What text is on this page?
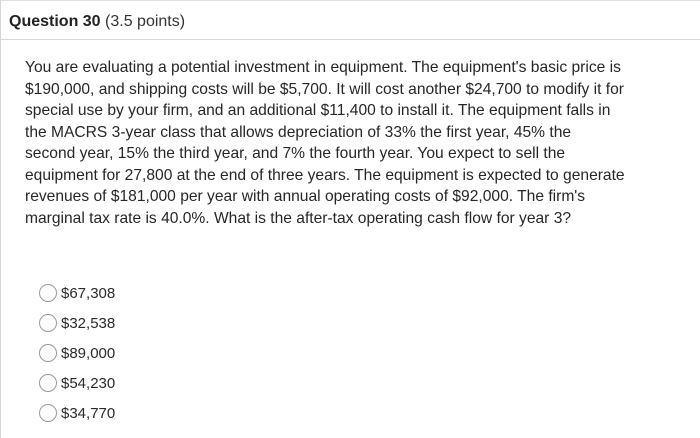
Question 30 (3.5 points)
You are evaluating a potential investment in equipment. The equipment's basic price is $190,000, and shipping costs will be $5,700. It will cost another $24,700 to modify it for special use by your firm, and an additional $11,400 to install it. The equipment falls in the MACRS 3-year class that allows depreciation of 33% the first year, 45% the second year, 15% the third year, and 7% the fourth year. You expect to sell the equipment for 27,800 at the end of three years. The equipment is expected to generate revenues of $181,000 per year with annual operating costs of $92,000. The firm's marginal tax rate is 40.0%. What is the after-tax operating cash flow for year 3?
$67,308
$32,538
$89,000
$54,230
$34,770
